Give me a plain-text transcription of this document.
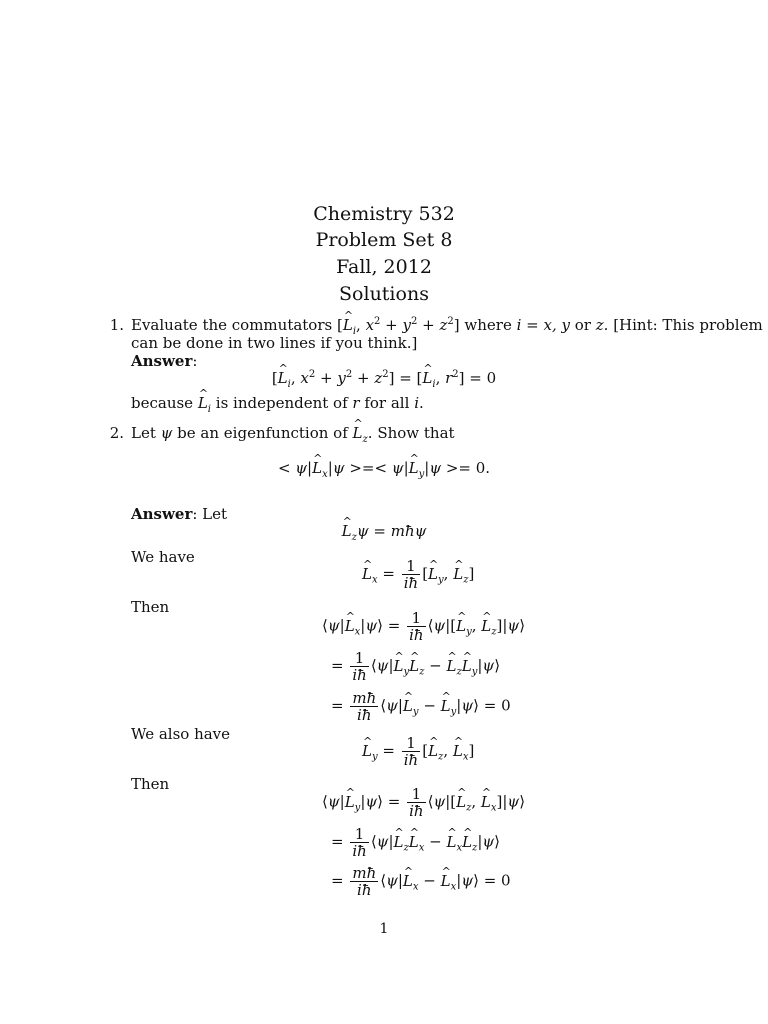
Chemistry 532
Problem Set 8
Fall, 2012
Solutions
1. Evaluate the commutators [^ $L_i$, $x^2 + y^2 + z^2$] where i = x, y or z. [Hint: This problem
can be done in two lines if you think.]
Answer:
[^ $L_i$, $x^2 + y^2 + z^2$] = [^ $L_i$, $r^2] = 0$
because ^ $L_i$ is independent of r for all i.
2. Let ψ be an eigenfunction of ^ $L_z$. Show that
< ψ|^ $L_x|\psi$ >=< ψ|^ $L_y|\psi >= 0$.
Answer: Let
^ $L_z\psi$ = mħψ
We have
^ $L_x = \frac{1}{iħ}$ [^ $L_y$, ^ $L_z$]
Then
⟨ψ|^ $L_x|\psi⟩ = \frac{1}{iħ}$ ⟨ψ|[^ $L_y$, ^ $L_z]|\psi⟩$
= $\frac{1}{iħ}$ ⟨ψ|^ $L_y\^{}$ $L_z$ − ^ $L_z\^{}$ $L_y|\psi⟩$
= $\frac{mħ}{iħ}$ ⟨ψ|^ $L_y$ − ^ $L_y|\psi⟩ = 0$
We also have
^ $L_y = \frac{1}{iħ}$ [^ $L_z$, ^ $L_x$]
Then
⟨ψ|^ $L_y|\psi⟩ = \frac{1}{iħ}$ ⟨ψ|[^ $L_z$, ^ $L_x]|\psi⟩$
= $\frac{1}{iħ}$ ⟨ψ|^ $L_z\^{}$ $L_x$ − ^ $L_x\^{}$ $L_z|\psi⟩$
= $\frac{mħ}{iħ}$ ⟨ψ|^ $L_x$ − ^ $L_x|\psi⟩ = 0$
1
